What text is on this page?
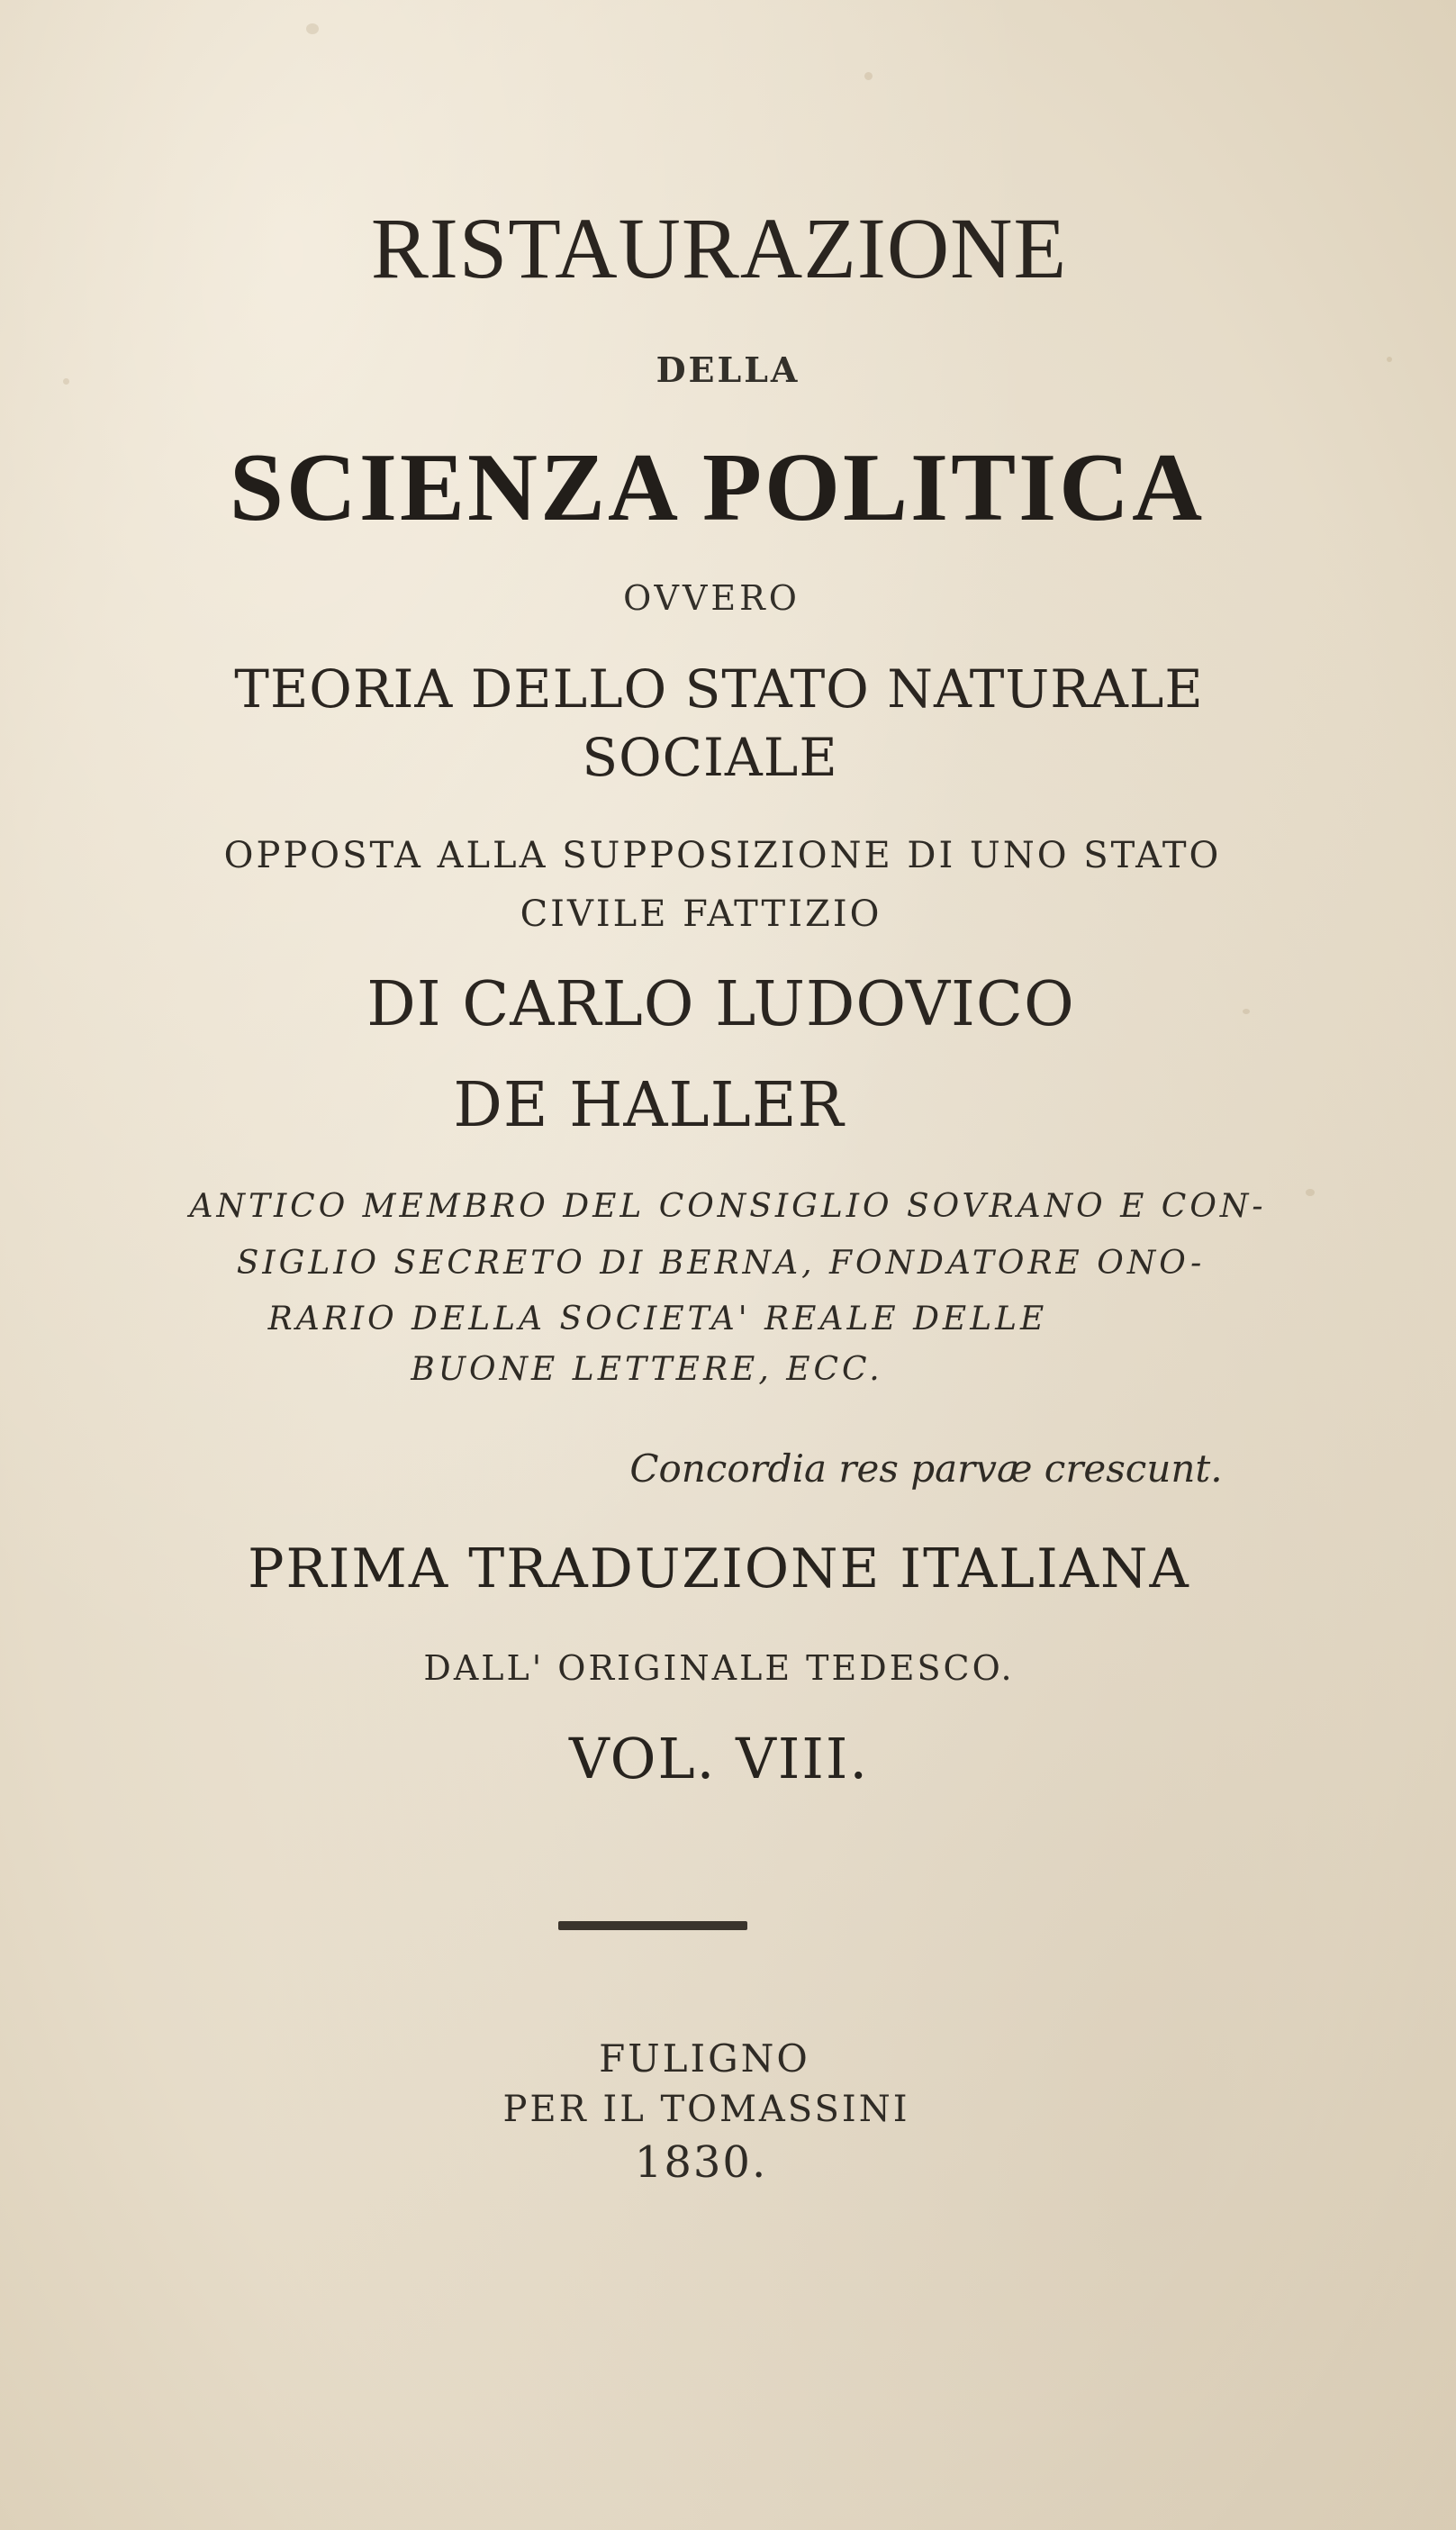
RISTAURAZIONE
DELLA
SCIENZA POLITICA
OVVERO
TEORIA DELLO STATO NATURALE
SOCIALE
OPPOSTA ALLA SUPPOSIZIONE DI UNO STATO
CIVILE FATTIZIO
DI CARLO LUDOVICO
DE HALLER
ANTICO MEMBRO DEL CONSIGLIO SOVRANO E CON-
SIGLIO SECRETO DI BERNA, FONDATORE ONO-
RARIO DELLA SOCIETA' REALE DELLE
BUONE LETTERE, ECC.
Concordia res parvæ crescunt.
PRIMA TRADUZIONE ITALIANA
DALL' ORIGINALE TEDESCO.
VOL. VIII.
FULIGNO
PER IL TOMASSINI
1830.
